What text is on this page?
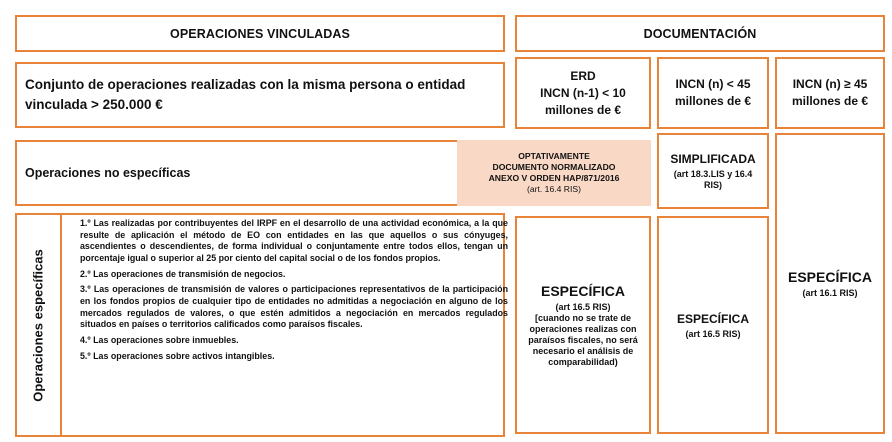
OPERACIONES VINCULADAS	DOCUMENTACIÓN
Conjunto de operaciones realizadas con la misma persona o entidad vinculada > 250.000 €
ERD
INCN (n-1) < 10
millones de €
INCN (n) < 45
millones de €
INCN (n) ≥ 45
millones de €
Operaciones no específicas
OPTATIVAMENTE
DOCUMENTO NORMALIZADO
ANEXO V ORDEN HAP/871/2016
(art. 16.4 RIS)
SIMPLIFICADA
(art 18.3.LIS y 16.4
RIS)
Operaciones específicas

1.º Las realizadas por contribuyentes del IRPF en el desarrollo de una actividad económica, a la que resulte de aplicación el método de EO con entidades en las que aquellos o sus cónyuges, ascendientes o descendientes, de forma individual o conjuntamente entre todos ellos, tengan un porcentaje igual o superior al 25 por ciento del capital social o de los fondos propios.

2.º Las operaciones de transmisión de negocios.

3.º Las operaciones de transmisión de valores o participaciones representativos de la participación en los fondos propios de cualquier tipo de entidades no admitidas a negociación en alguno de los mercados regulados de valores, o que estén admitidos a negociación en mercados regulados situados en países o territorios calificados como paraísos fiscales.

4.º Las operaciones sobre inmuebles.

5.º Las operaciones sobre activos intangibles.

ESPECÍFICA
(art 16.5 RIS)
[cuando no se trate de
operaciones realizas con
paraísos fiscales, no será
necesario el análisis de
comparabilidad)
ESPECÍFICA
(art 16.5 RIS)
ESPECÍFICA
(art 16.1 RIS)
